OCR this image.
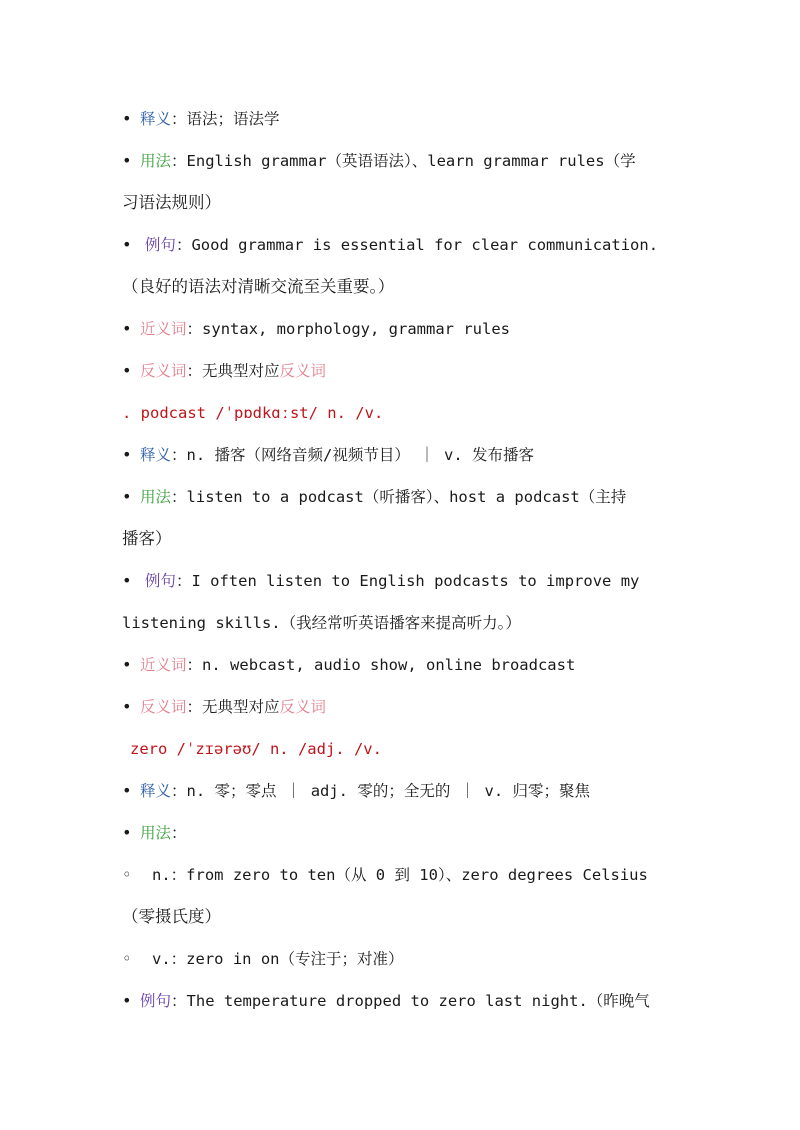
• 释义：语法；语法学
• 用法：English grammar（英语语法）、learn grammar rules（学
习语法规则）
• 例句：Good grammar is essential for clear communication.
（良好的语法对清晰交流至关重要。）
• 近义词：syntax, morphology, grammar rules
• 反义词：无典型对应反义词
. podcast /ˈpɒdkɑːst/ n. /v.
• 释义：n. 播客（网络音频/视频节目） ｜ v. 发布播客
• 用法：listen to a podcast（听播客）、host a podcast（主持
播客）
• 例句：I often listen to English podcasts to improve my
listening skills.（我经常听英语播客来提高听力。）
• 近义词：n. webcast, audio show, online broadcast
• 反义词：无典型对应反义词
zero /ˈzɪərəʊ/ n. /adj. /v.
• 释义：n. 零；零点 ｜ adj. 零的；全无的 ｜ v. 归零；聚焦
• 用法：
◦ n.：from zero to ten（从 0 到 10）、zero degrees Celsius
（零摄氏度）
◦ v.：zero in on（专注于；对准）
• 例句：The temperature dropped to zero last night.（昨晚气
